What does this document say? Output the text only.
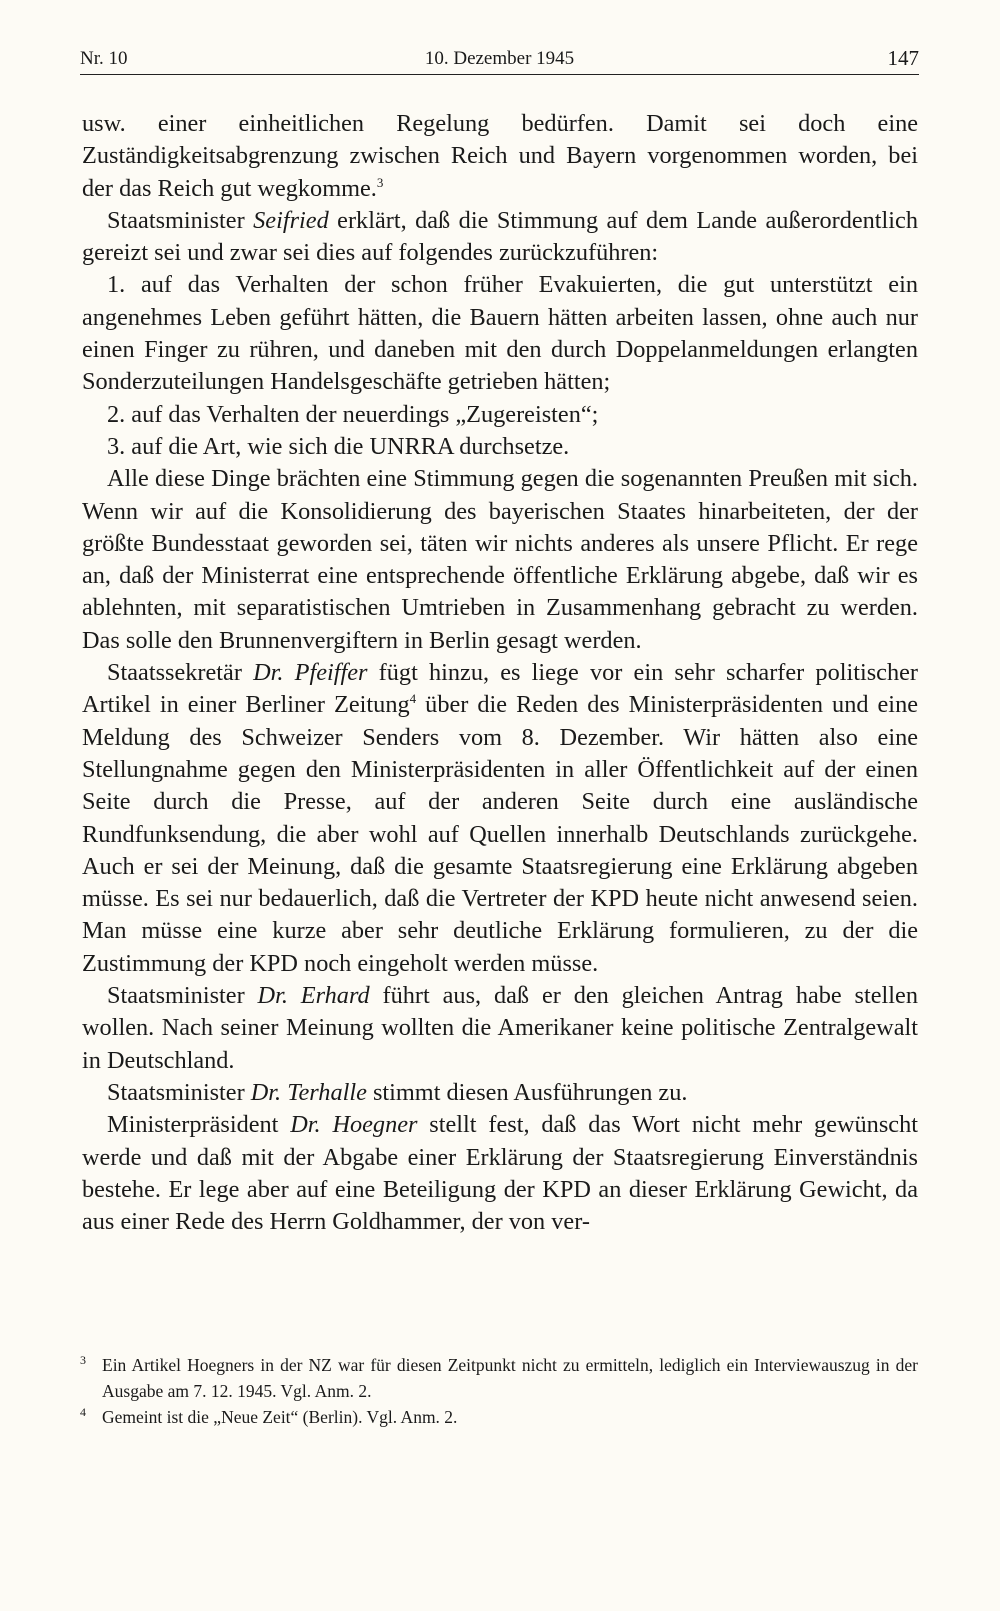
Nr. 10	10. Dezember 1945	147

usw. einer einheitlichen Regelung bedürfen. Damit sei doch eine Zuständigkeitsabgrenzung zwischen Reich und Bayern vorgenommen worden, bei der das Reich gut wegkomme.$^3$

Staatsminister Seifried erklärt, daß die Stimmung auf dem Lande außerordentlich gereizt sei und zwar sei dies auf folgendes zurückzuführen:

1. auf das Verhalten der schon früher Evakuierten, die gut unterstützt ein angenehmes Leben geführt hätten, die Bauern hätten arbeiten lassen, ohne auch nur einen Finger zu rühren, und daneben mit den durch Doppelanmeldungen erlangten Sonderzuteilungen Handelsgeschäfte getrieben hätten;

2. auf das Verhalten der neuerdings „Zugereisten“;

3. auf die Art, wie sich die UNRRA durchsetze.

Alle diese Dinge brächten eine Stimmung gegen die sogenannten Preußen mit sich. Wenn wir auf die Konsolidierung des bayerischen Staates hinarbeiteten, der der größte Bundesstaat geworden sei, täten wir nichts anderes als unsere Pflicht. Er rege an, daß der Ministerrat eine entsprechende öffentliche Erklärung abgebe, daß wir es ablehnten, mit separatistischen Umtrieben in Zusammenhang gebracht zu werden. Das solle den Brunnenvergiftern in Berlin gesagt werden.

Staatssekretär Dr. Pfeiffer fügt hinzu, es liege vor ein sehr scharfer politischer Artikel in einer Berliner Zeitung$^4$ über die Reden des Ministerpräsidenten und eine Meldung des Schweizer Senders vom 8. Dezember. Wir hätten also eine Stellungnahme gegen den Ministerpräsidenten in aller Öffentlichkeit auf der einen Seite durch die Presse, auf der anderen Seite durch eine ausländische Rundfunksendung, die aber wohl auf Quellen innerhalb Deutschlands zurückgehe. Auch er sei der Meinung, daß die gesamte Staatsregierung eine Erklärung abgeben müsse. Es sei nur bedauerlich, daß die Vertreter der KPD heute nicht anwesend seien. Man müsse eine kurze aber sehr deutliche Erklärung formulieren, zu der die Zustimmung der KPD noch eingeholt werden müsse.

Staatsminister Dr. Erhard führt aus, daß er den gleichen Antrag habe stellen wollen. Nach seiner Meinung wollten die Amerikaner keine politische Zentralgewalt in Deutschland.

Staatsminister Dr. Terhalle stimmt diesen Ausführungen zu.

Ministerpräsident Dr. Hoegner stellt fest, daß das Wort nicht mehr gewünscht werde und daß mit der Abgabe einer Erklärung der Staatsregierung Einverständnis bestehe. Er lege aber auf eine Beteiligung der KPD an dieser Erklärung Gewicht, da aus einer Rede des Herrn Goldhammer, der von ver-

3 Ein Artikel Hoegners in der NZ war für diesen Zeitpunkt nicht zu ermitteln, lediglich ein Interviewauszug in der Ausgabe am 7. 12. 1945. Vgl. Anm. 2.
4 Gemeint ist die „Neue Zeit“ (Berlin). Vgl. Anm. 2.
